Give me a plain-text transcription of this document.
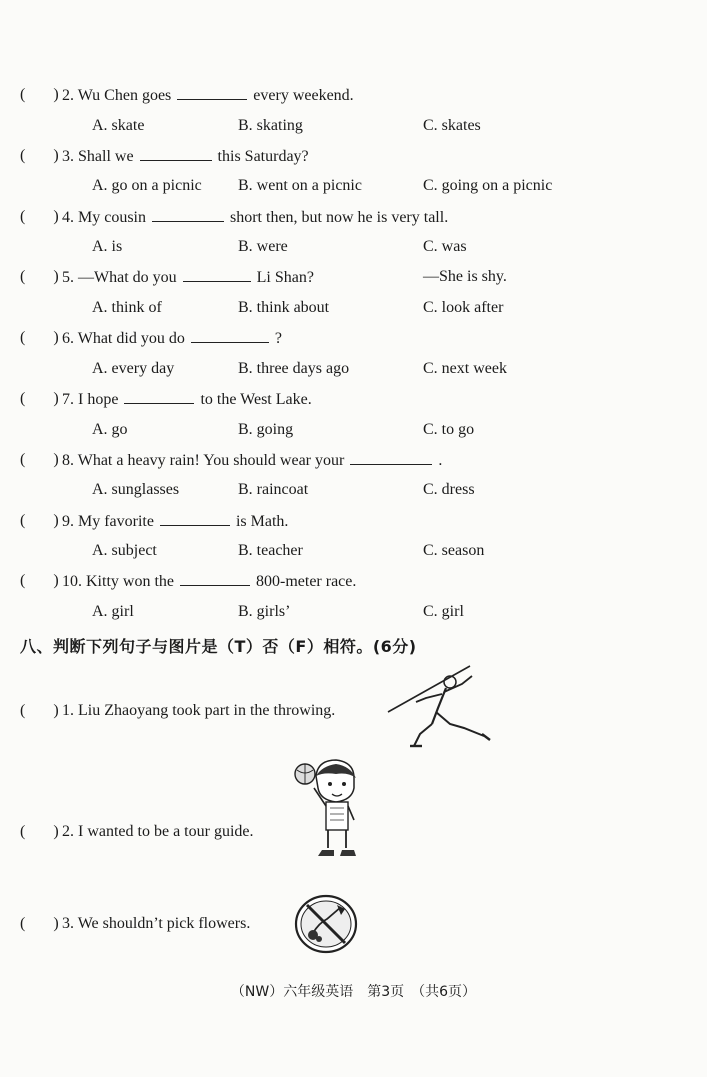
(       ) 2. Wu Chen goes	every weekend.
A. skate	B. skating	C. skates
(       ) 3. Shall we	this Saturday?
A. go on a picnic B. went on a picnic	C. going on a picnic
(       ) 4. My cousin	short then, but now he is very tall.
A. is	B. were	C. was
(       ) 5. —What do you	Li Shan?	—She is shy.
A. think of	B. think about	C. look after
(       ) 6. What did you do	?
A. every day	B. three days ago	C. next week
(       ) 7. I hope	to the West Lake.
A. go	B. going	C. to go
(       ) 8. What a heavy rain! You should wear your	.
A. sunglasses	B. raincoat	C. dress
(       ) 9. My favorite	is Math.
A. subject	B. teacher	C. season
(       ) 10. Kitty won the	800-meter race.
A. girl	B. girls’	C. girl
八、判断下列句子与图片是（T）否（F）相符。(6分)
(       ) 1. Liu Zhaoyang took part in the throwing.
(       ) 2. I wanted to be a tour guide.
(       ) 3. We shouldn’t pick flowers.
（NW）六年级英语　第3页　（共6页）
